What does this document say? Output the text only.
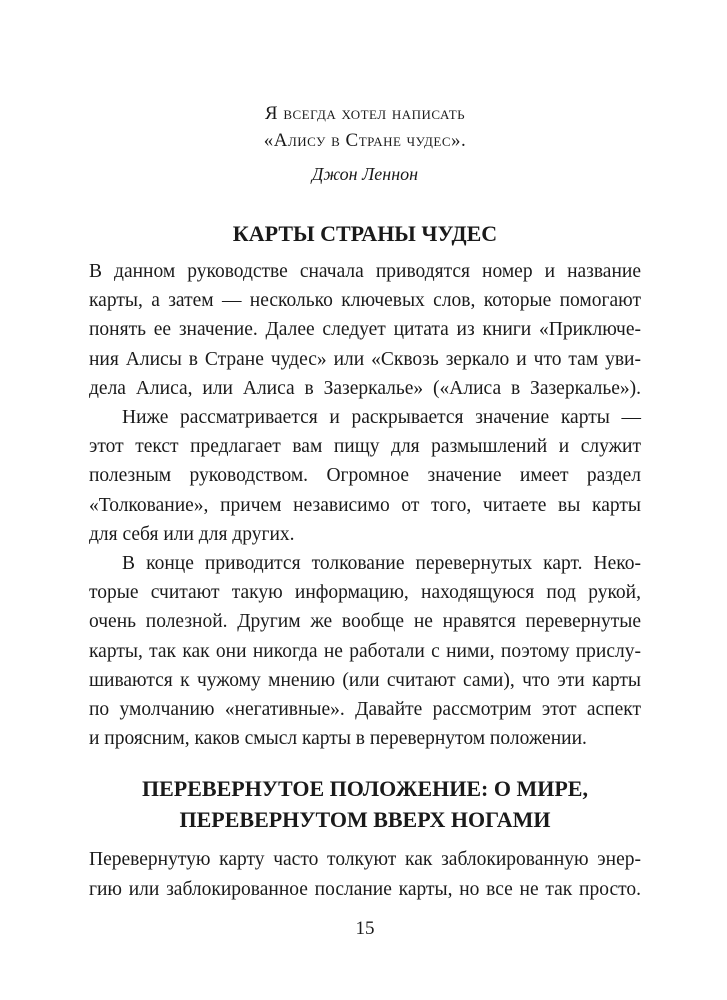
Я всегда хотел написать
«Алису в Стране чудес».
Джон Леннон
КАРТЫ СТРАНЫ ЧУДЕС
В данном руководстве сначала приводятся номер и название
карты, а затем — несколько ключевых слов, которые помогают
понять ее значение. Далее следует цитата из книги «Приключе-
ния Алисы в Стране чудес» или «Сквозь зеркало и что там уви-
дела Алиса, или Алиса в Зазеркалье» («Алиса в Зазеркалье»).
Ниже рассматривается и раскрывается значение карты —
этот текст предлагает вам пищу для размышлений и служит
полезным руководством. Огромное значение имеет раздел
«Толкование», причем независимо от того, читаете вы карты
для себя или для других.
В конце приводится толкование перевернутых карт. Неко-
торые считают такую информацию, находящуюся под рукой,
очень полезной. Другим же вообще не нравятся перевернутые
карты, так как они никогда не работали с ними, поэтому прислу-
шиваются к чужому мнению (или считают сами), что эти карты
по умолчанию «негативные». Давайте рассмотрим этот аспект
и проясним, каков смысл карты в перевернутом положении.
ПЕРЕВЕРНУТОЕ ПОЛОЖЕНИЕ: О МИРЕ,
ПЕРЕВЕРНУТОМ ВВЕРХ НОГАМИ
Перевернутую карту часто толкуют как заблокированную энер-
гию или заблокированное послание карты, но все не так просто.
15
